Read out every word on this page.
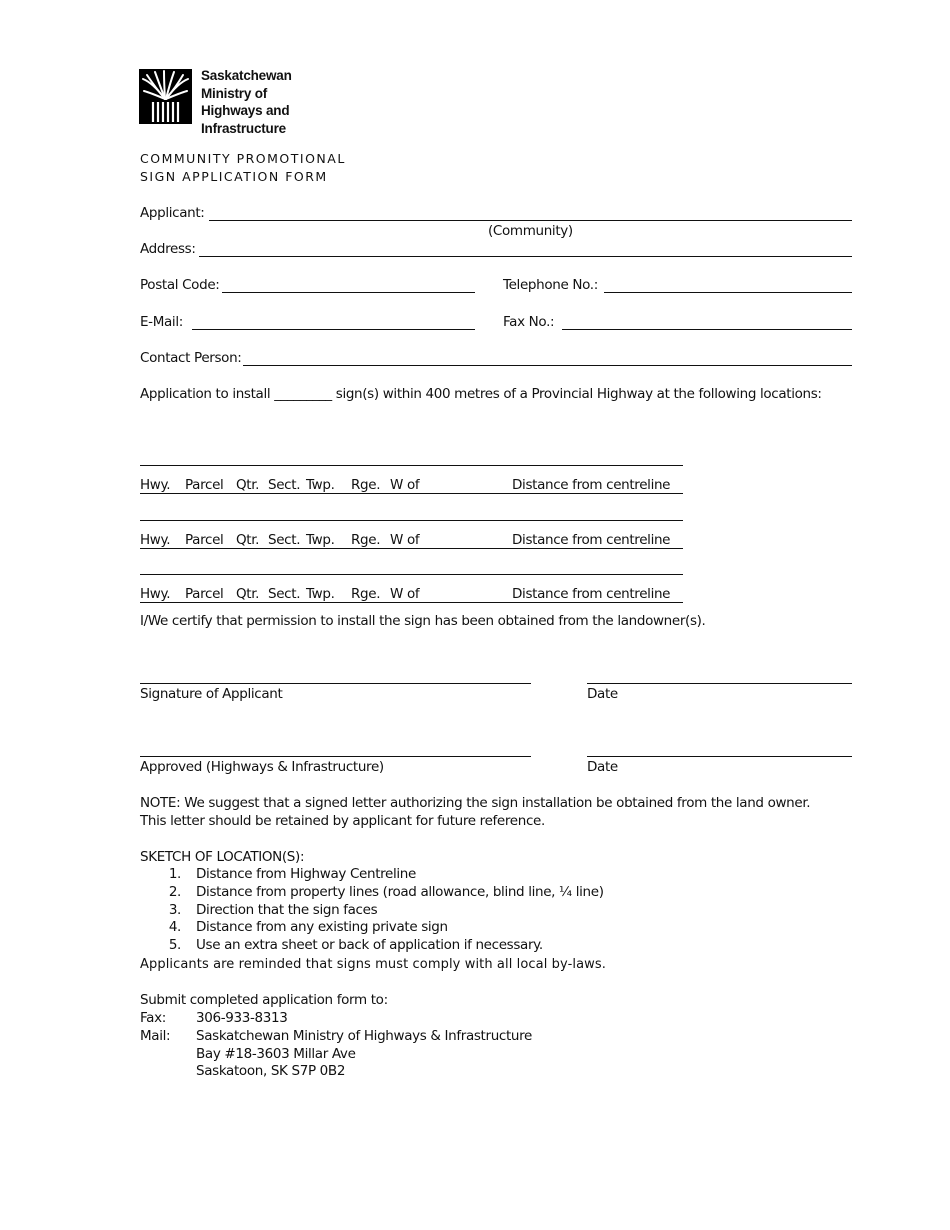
Saskatchewan
Ministry of
Highways and
Infrastructure
COMMUNITY PROMOTIONAL
SIGN APPLICATION FORM
Applicant:
(Community)
Address:
Postal Code:	Telephone No.:
E-Mail:	Fax No.:
Contact Person:
Application to install _________ sign(s) within 400 metres of a Provincial Highway at the following locations:
Hwy. Parcel Qtr. Sect. Twp. Rge. W of	Distance from centreline
Hwy. Parcel Qtr. Sect. Twp. Rge. W of	Distance from centreline
Hwy. Parcel Qtr. Sect. Twp. Rge. W of	Distance from centreline
I/We certify that permission to install the sign has been obtained from the landowner(s).
Signature of Applicant	Date
Approved (Highways & Infrastructure)	Date
NOTE: We suggest that a signed letter authorizing the sign installation be obtained from the land owner.
This letter should be retained by applicant for future reference.
SKETCH OF LOCATION(S):
1. Distance from Highway Centreline
2. Distance from property lines (road allowance, blind line, ¼ line)
3. Direction that the sign faces
4. Distance from any existing private sign
5. Use an extra sheet or back of application if necessary.
Applicants are reminded that signs must comply with all local by-laws.
Submit completed application form to:
Fax: 306-933-8313
Mail: Saskatchewan Ministry of Highways & Infrastructure
Bay #18-3603 Millar Ave
Saskatoon, SK S7P 0B2
